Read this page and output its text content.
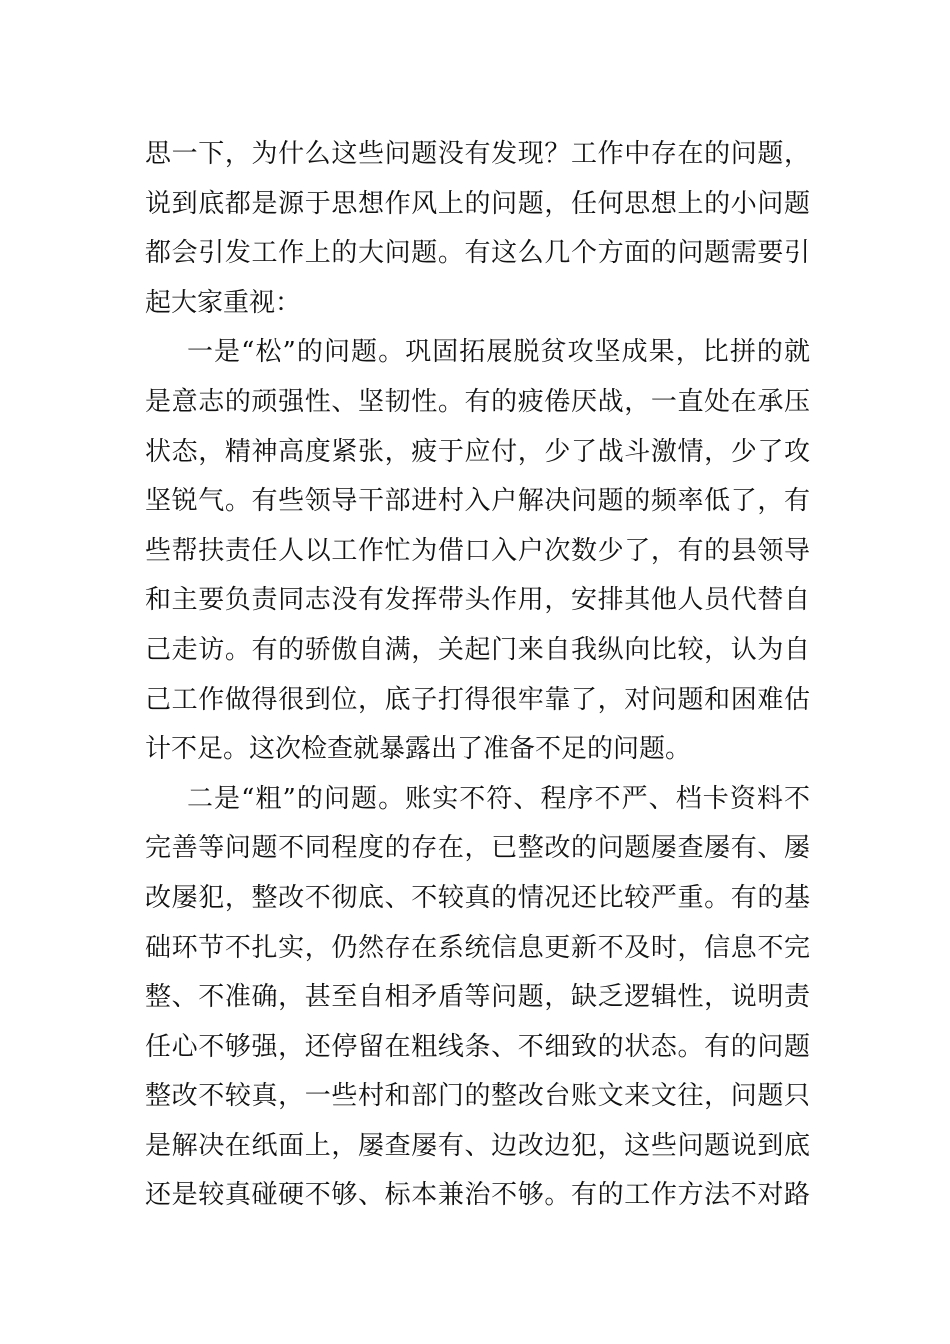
思一下，为什么这些问题没有发现？工作中存在的问题，
说到底都是源于思想作风上的问题，任何思想上的小问题
都会引发工作上的大问题。有这么几个方面的问题需要引
起大家重视：
一是“松”的问题。巩固拓展脱贫攻坚成果，比拼的就
是意志的顽强性、坚韧性。有的疲倦厌战，一直处在承压
状态，精神高度紧张，疲于应付，少了战斗激情，少了攻
坚锐气。有些领导干部进村入户解决问题的频率低了，有
些帮扶责任人以工作忙为借口入户次数少了，有的县领导
和主要负责同志没有发挥带头作用，安排其他人员代替自
己走访。有的骄傲自满，关起门来自我纵向比较，认为自
己工作做得很到位，底子打得很牢靠了，对问题和困难估
计不足。这次检查就暴露出了准备不足的问题。
二是“粗”的问题。账实不符、程序不严、档卡资料不
完善等问题不同程度的存在，已整改的问题屡查屡有、屡
改屡犯，整改不彻底、不较真的情况还比较严重。有的基
础环节不扎实，仍然存在系统信息更新不及时，信息不完
整、不准确，甚至自相矛盾等问题，缺乏逻辑性，说明责
任心不够强，还停留在粗线条、不细致的状态。有的问题
整改不较真，一些村和部门的整改台账文来文往，问题只
是解决在纸面上，屡查屡有、边改边犯，这些问题说到底
还是较真碰硬不够、标本兼治不够。有的工作方法不对路
